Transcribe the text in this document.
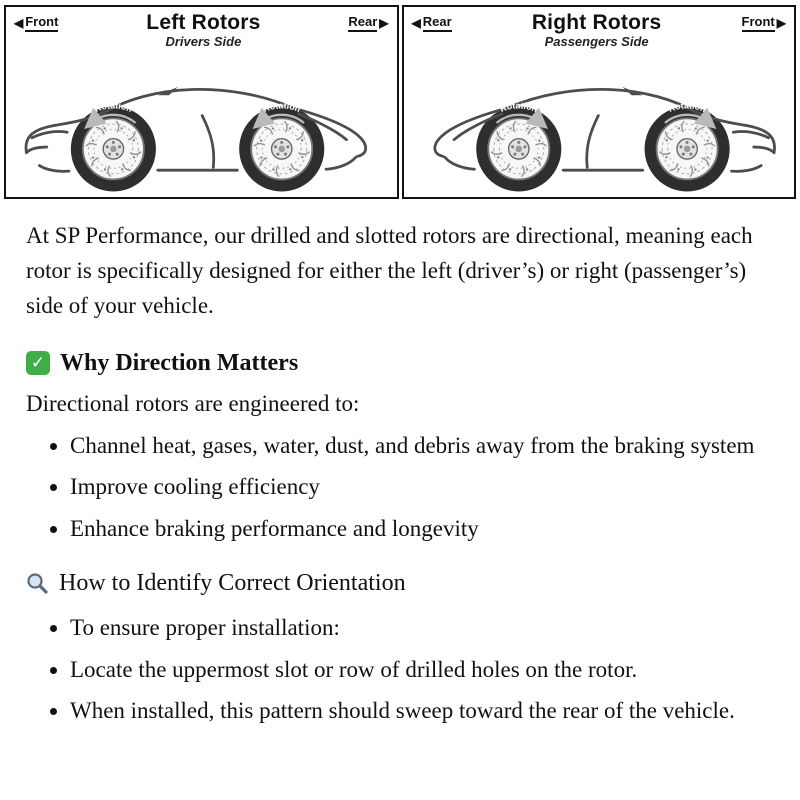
◀ Front	Left Rotors
Drivers Side
Rear ▶
Rotation	Rotation
◀ Rear	Right Rotors
Passengers Side
Front ▶
Rotation
Rotation

At SP Performance, our drilled and slotted rotors are directional, meaning each rotor is specifically designed for either the left (driver’s) or right (passenger’s) side of your vehicle.

✓ Why Direction Matters

Directional rotors are engineered to:

• Channel heat, gases, water, dust, and debris away from the braking system
• Improve cooling efficiency
• Enhance braking performance and longevity
How to Identify Correct Orientation
• To ensure proper installation:
• Locate the uppermost slot or row of drilled holes on the rotor.
• When installed, this pattern should sweep toward the rear of the vehicle.
